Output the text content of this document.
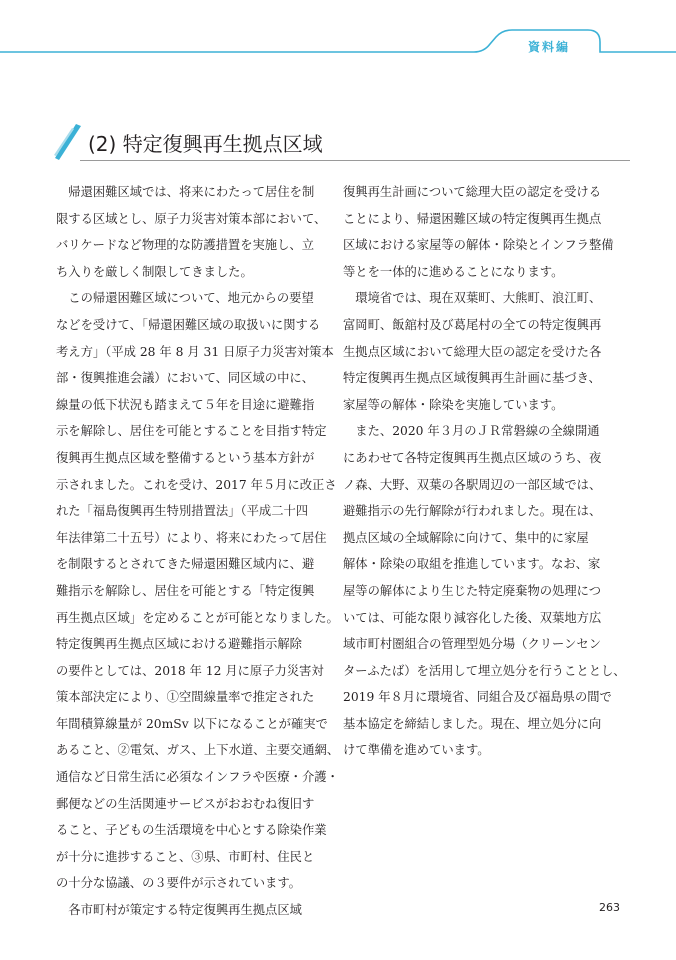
資料編
(2) 特定復興再生拠点区域
　帰還困難区域では、将来にわたって居住を制
限する区域とし、原子力災害対策本部において、
バリケードなど物理的な防護措置を実施し、立
ち入りを厳しく制限してきました。
　この帰還困難区域について、地元からの要望
などを受けて、「帰還困難区域の取扱いに関する
考え方」（平成 28 年 8 月 31 日原子力災害対策本
部・復興推進会議）において、同区域の中に、
線量の低下状況も踏まえて５年を目途に避難指
示を解除し、居住を可能とすることを目指す特定
復興再生拠点区域を整備するという基本方針が
示されました。これを受け、2017 年５月に改正さ
れた「福島復興再生特別措置法」（平成二十四
年法律第二十五号）により、将来にわたって居住
を制限するとされてきた帰還困難区域内に、避
難指示を解除し、居住を可能とする「特定復興
再生拠点区域」を定めることが可能となりました。
特定復興再生拠点区域における避難指示解除
の要件としては、2018 年 12 月に原子力災害対
策本部決定により、①空間線量率で推定された
年間積算線量が 20mSv 以下になることが確実で
あること、②電気、ガス、上下水道、主要交通網、
通信など日常生活に必須なインフラや医療・介護・
郵便などの生活関連サービスがおおむね復旧す
ること、子どもの生活環境を中心とする除染作業
が十分に進捗すること、③県、市町村、住民と
の十分な協議、の３要件が示されています。
　各市町村が策定する特定復興再生拠点区域
復興再生計画について総理大臣の認定を受ける
ことにより、帰還困難区域の特定復興再生拠点
区域における家屋等の解体・除染とインフラ整備
等とを一体的に進めることになります。
　環境省では、現在双葉町、大熊町、浪江町、
富岡町、飯舘村及び葛尾村の全ての特定復興再
生拠点区域において総理大臣の認定を受けた各
特定復興再生拠点区域復興再生計画に基づき、
家屋等の解体・除染を実施しています。
　また、2020 年３月のＪＲ常磐線の全線開通
にあわせて各特定復興再生拠点区域のうち、夜
ノ森、大野、双葉の各駅周辺の一部区域では、
避難指示の先行解除が行われました。現在は、
拠点区域の全域解除に向けて、集中的に家屋
解体・除染の取組を推進しています。なお、家
屋等の解体により生じた特定廃棄物の処理につ
いては、可能な限り減容化した後、双葉地方広
域市町村圏組合の管理型処分場（クリーンセン
ターふたば）を活用して埋立処分を行うこととし、
2019 年８月に環境省、同組合及び福島県の間で
基本協定を締結しました。現在、埋立処分に向
けて準備を進めています。
263
